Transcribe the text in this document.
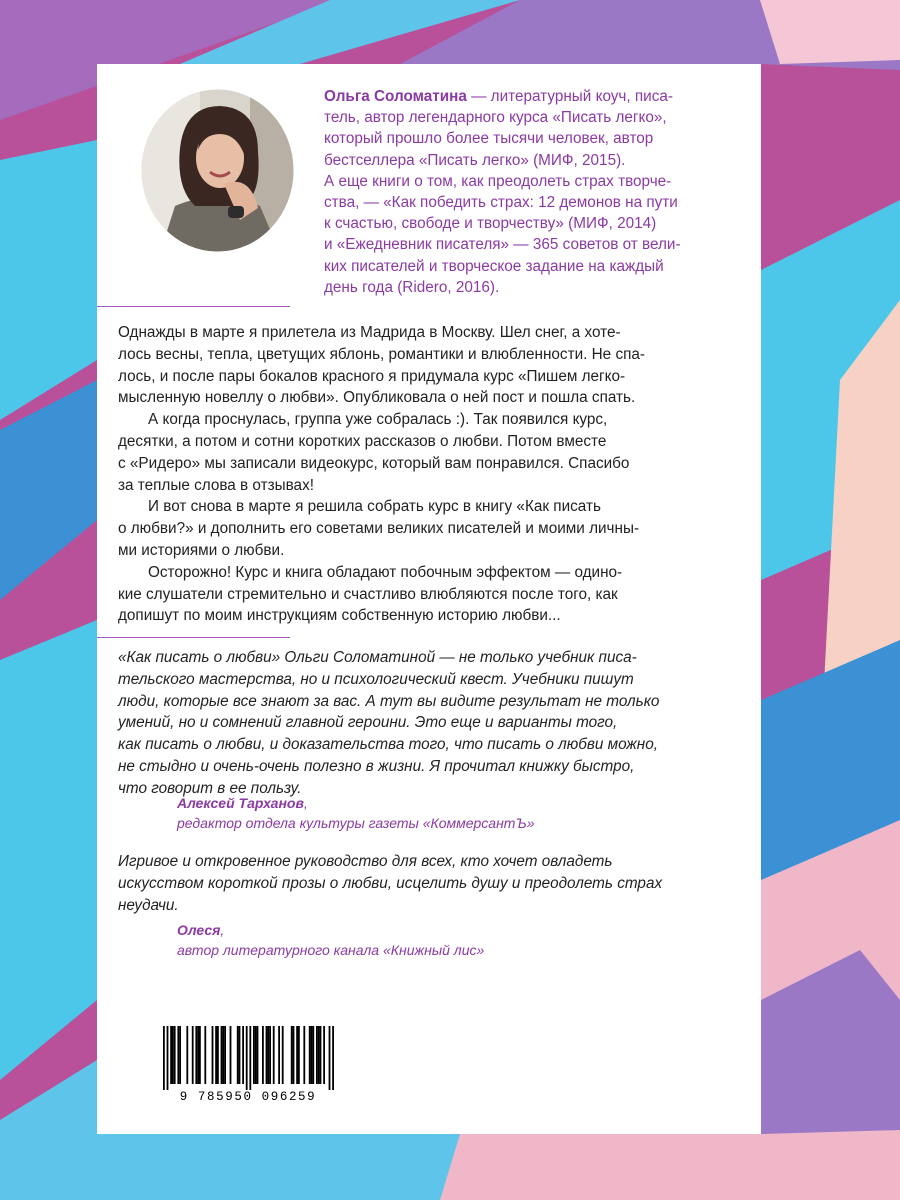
Ольга Соломатина — литературный коуч, писа-
тель, автор легендарного курса «Писать легко»,
который прошло более тысячи человек, автор
бестселлера «Писать легко» (МИФ, 2015).
А еще книги о том, как преодолеть страх творче-
ства, — «Как победить страх: 12 демонов на пути
к счастью, свободе и творчеству» (МИФ, 2014)
и «Ежедневник писателя» — 365 советов от вели-
ких писателей и творческое задание на каждый
день года (Ridero, 2016).

Однажды в марте я прилетела из Мадрида в Москву. Шел снег, а хоте-
лось весны, тепла, цветущих яблонь, романтики и влюбленности. Не спа-
лось, и после пары бокалов красного я придумала курс «Пишем легко-
мысленную новеллу о любви». Опубликовала о ней пост и пошла спать.

А когда проснулась, группа уже собралась :). Так появился курс,
десятки, а потом и сотни коротких рассказов о любви. Потом вместе
с «Ридеро» мы записали видеокурс, который вам понравился. Спасибо
за теплые слова в отзывах!

И вот снова в марте я решила собрать курс в книгу «Как писать
о любви?» и дополнить его советами великих писателей и моими личны-
ми историями о любви.

Осторожно! Курс и книга обладают побочным эффектом — одино-
кие слушатели стремительно и счастливо влюбляются после того, как
допишут по моим инструкциям собственную историю любви...

«Как писать о любви» Ольги Соломатиной — не только учебник писа-
тельского мастерства, но и психологический квест. Учебники пишут
люди, которые все знают за вас. А тут вы видите результат не только
умений, но и сомнений главной героини. Это еще и варианты того,
как писать о любви, и доказательства того, что писать о любви можно,
не стыдно и очень-очень полезно в жизни. Я прочитал книжку быстро,
что говорит в ее пользу.

Алексей Тарханов,
редактор отдела культуры газеты «КоммерсантЪ»

Игривое и откровенное руководство для всех, кто хочет овладеть
искусством короткой прозы о любви, исцелить душу и преодолеть страх
неудачи.

Олеся,
автор литературного канала «Книжный лис»
9 785950 096259
